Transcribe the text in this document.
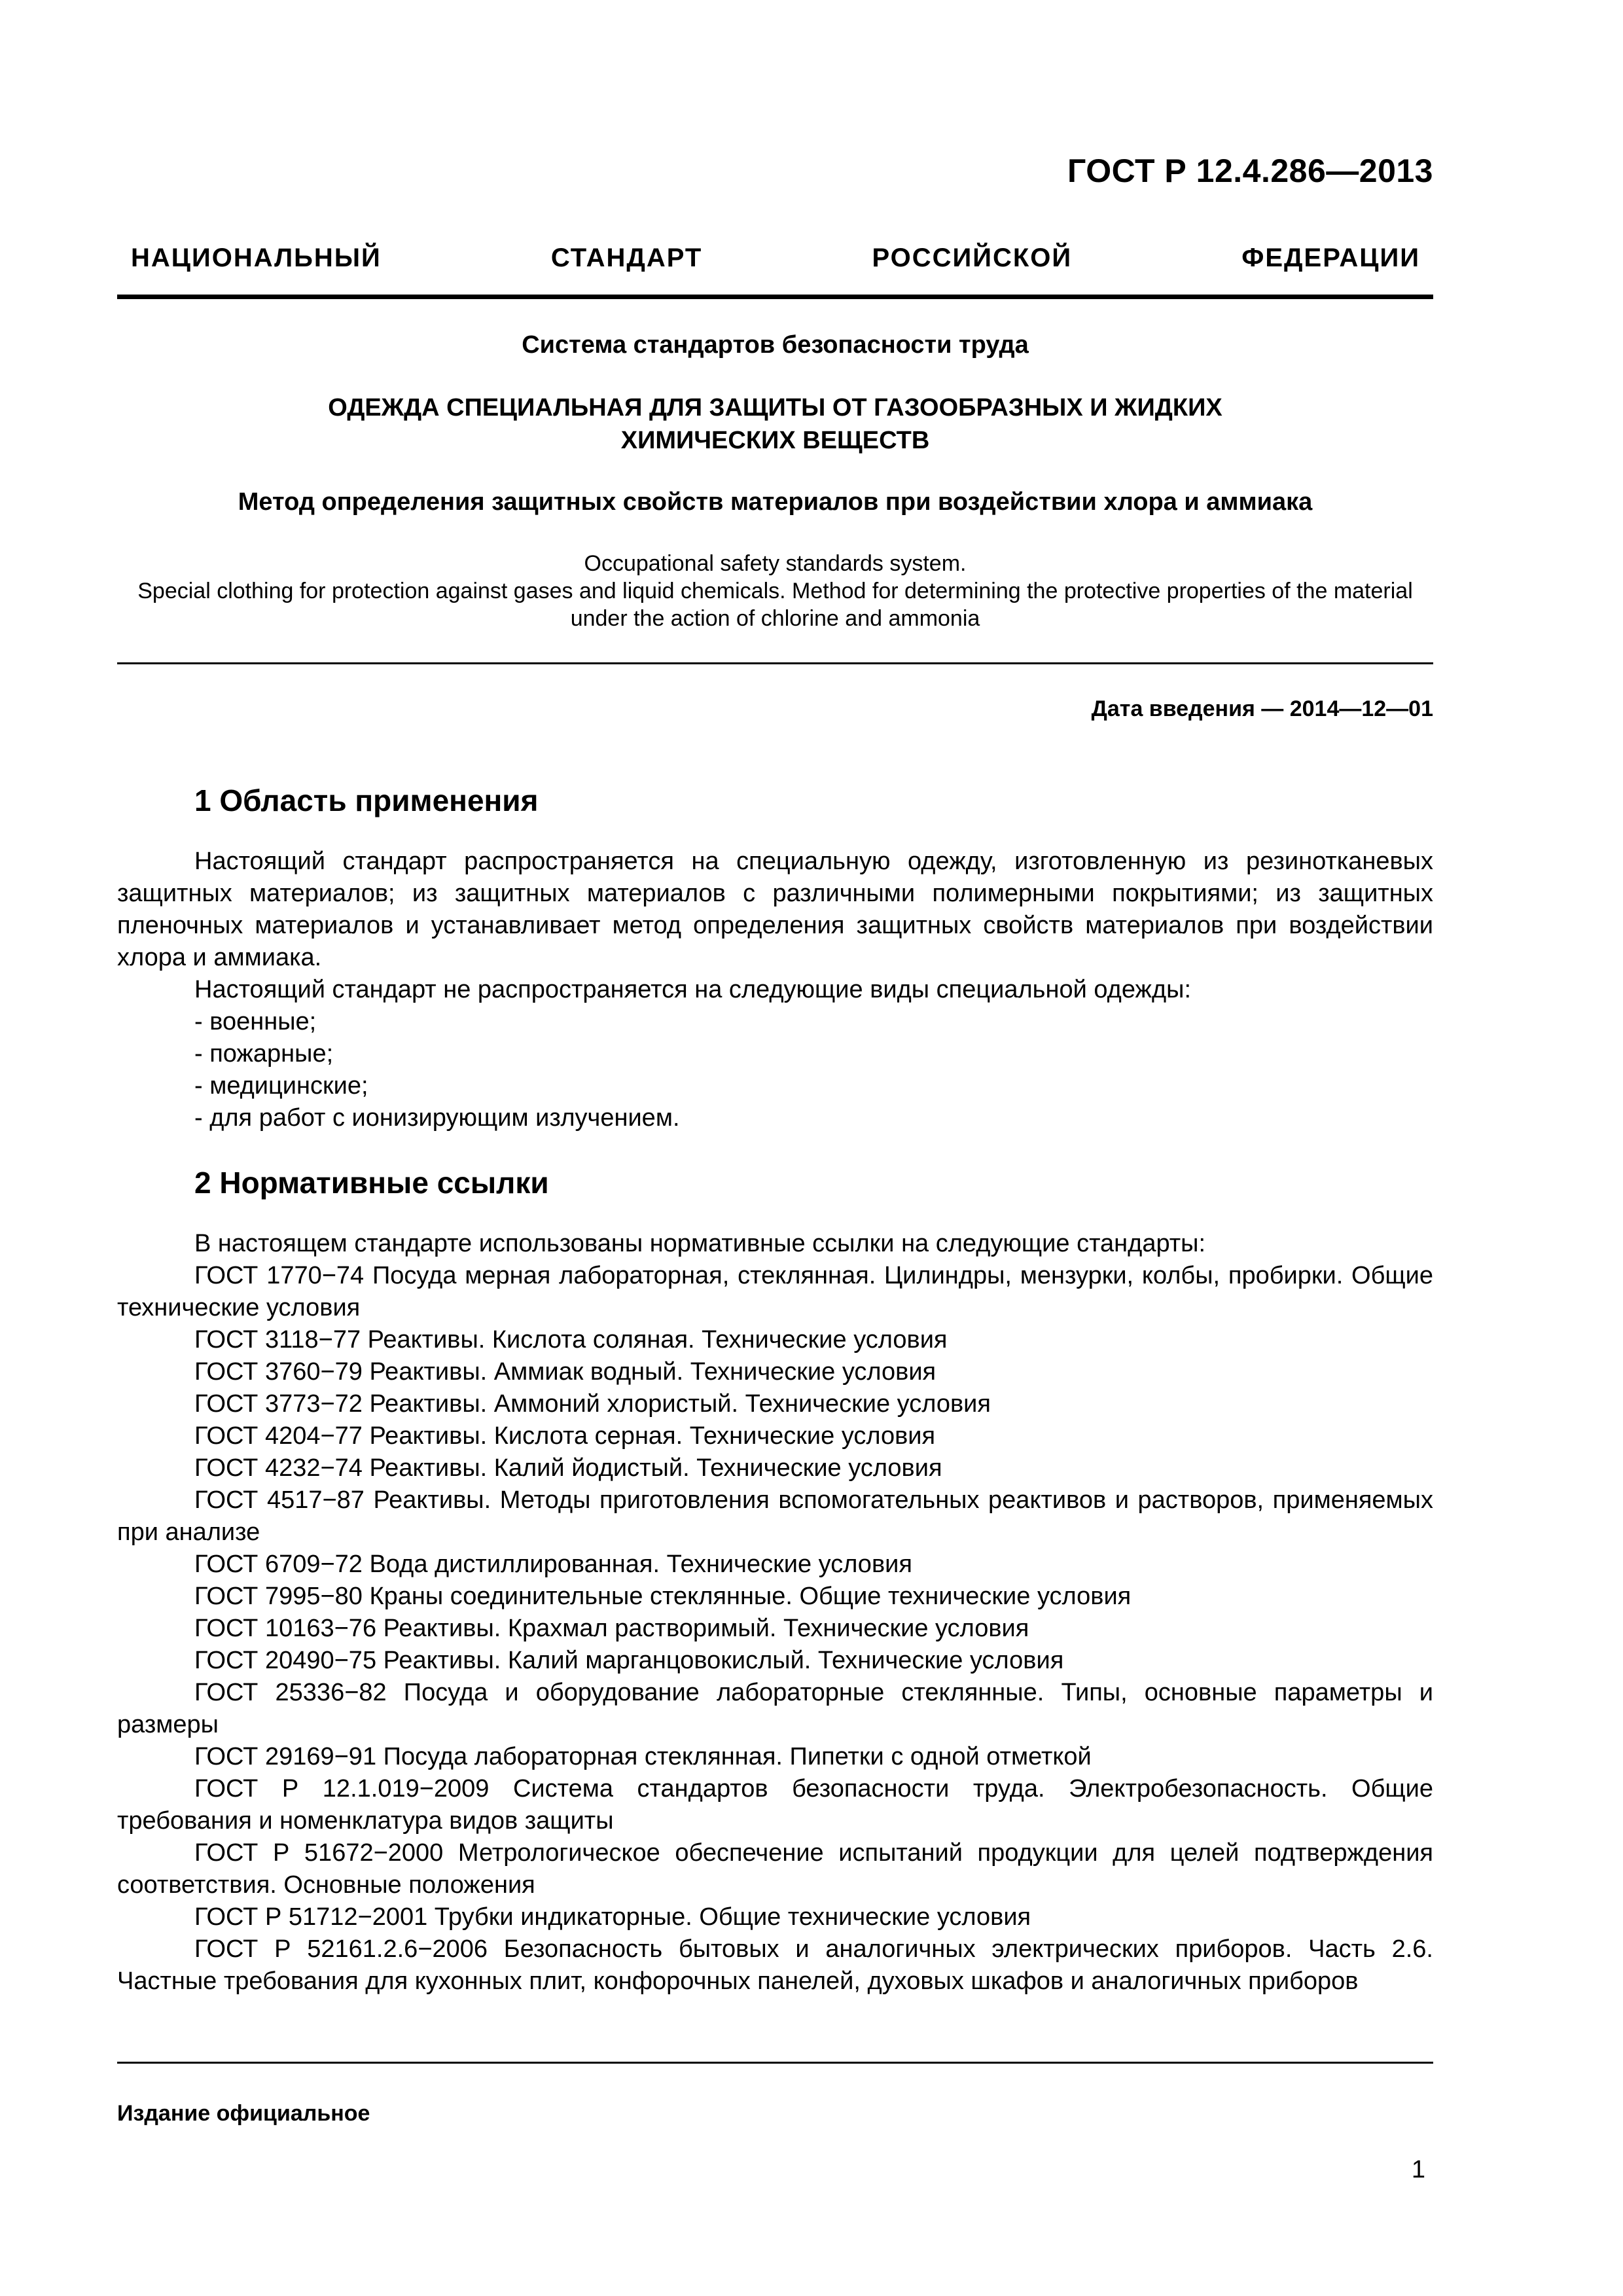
ГОСТ Р 12.4.286—2013
НАЦИОНАЛЬНЫЙ СТАНДАРТ РОССИЙСКОЙ ФЕДЕРАЦИИ
Система стандартов безопасности труда
ОДЕЖДА СПЕЦИАЛЬНАЯ ДЛЯ ЗАЩИТЫ ОТ ГАЗООБРАЗНЫХ И ЖИДКИХ ХИМИЧЕСКИХ ВЕЩЕСТВ
Метод определения защитных свойств материалов при воздействии хлора и аммиака
Occupational safety standards system.
Special clothing for protection against gases and liquid chemicals. Method for determining the protective properties of the material under the action of chlorine and ammonia
Дата введения — 2014—12—01
1 Область применения

Настоящий стандарт распространяется на специальную одежду, изготовленную из резинотканевых защитных материалов; из защитных материалов с различными полимерными покрытиями; из защитных пленочных материалов и устанавливает метод определения защитных свойств материалов при воздействии хлора и аммиака.

Настоящий стандарт не распространяется на следующие виды специальной одежды:

- военные;

- пожарные;

- медицинские;

- для работ с ионизирующим излучением.

2 Нормативные ссылки

В настоящем стандарте использованы нормативные ссылки на следующие стандарты:

ГОСТ 1770−74 Посуда мерная лабораторная, стеклянная. Цилиндры, мензурки, колбы, пробирки. Общие технические условия

ГОСТ 3118−77 Реактивы. Кислота соляная. Технические условия

ГОСТ 3760−79 Реактивы. Аммиак водный. Технические условия

ГОСТ 3773−72 Реактивы. Аммоний хлористый. Технические условия

ГОСТ 4204−77 Реактивы. Кислота серная. Технические условия

ГОСТ 4232−74 Реактивы. Калий йодистый. Технические условия

ГОСТ 4517−87 Реактивы. Методы приготовления вспомогательных реактивов и растворов, применяемых при анализе

ГОСТ 6709−72 Вода дистиллированная. Технические условия

ГОСТ 7995−80 Краны соединительные стеклянные. Общие технические условия

ГОСТ 10163−76 Реактивы. Крахмал растворимый. Технические условия

ГОСТ 20490−75 Реактивы. Калий марганцовокислый. Технические условия

ГОСТ 25336−82 Посуда и оборудование лабораторные стеклянные. Типы, основные параметры и размеры

ГОСТ 29169−91 Посуда лабораторная стеклянная. Пипетки с одной отметкой

ГОСТ Р 12.1.019−2009 Система стандартов безопасности труда. Электробезопасность. Общие требования и номенклатура видов защиты

ГОСТ Р 51672−2000 Метрологическое обеспечение испытаний продукции для целей подтверждения соответствия. Основные положения

ГОСТ Р 51712−2001 Трубки индикаторные. Общие технические условия

ГОСТ Р 52161.2.6−2006 Безопасность бытовых и аналогичных электрических приборов. Часть 2.6. Частные требования для кухонных плит, конфорочных панелей, духовых шкафов и аналогичных приборов

Издание официальное
1
